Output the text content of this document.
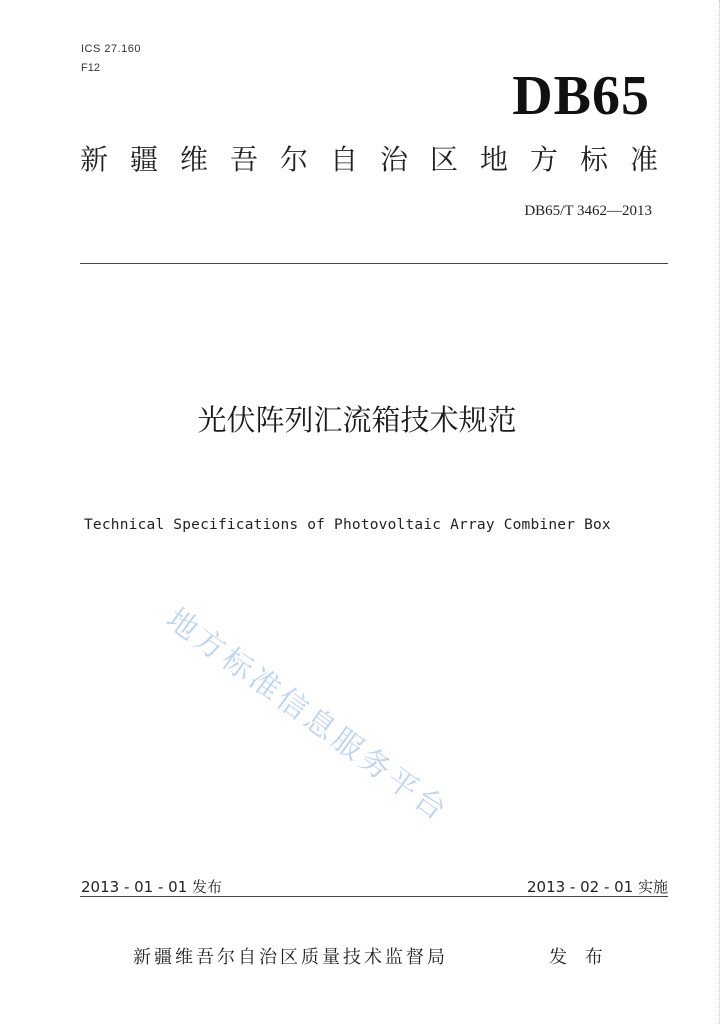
ICS 27.160
F12	DB65
新疆维吾尔自治区地方标准
DB65/T 3462—2013
光伏阵列汇流箱技术规范
Technical Specifications of Photovoltaic Array Combiner Box
地方标准信息服务平台
2013 - 01 - 01 发布	2013 - 02 - 01 实施
新疆维吾尔自治区质量技术监督局	发 布
